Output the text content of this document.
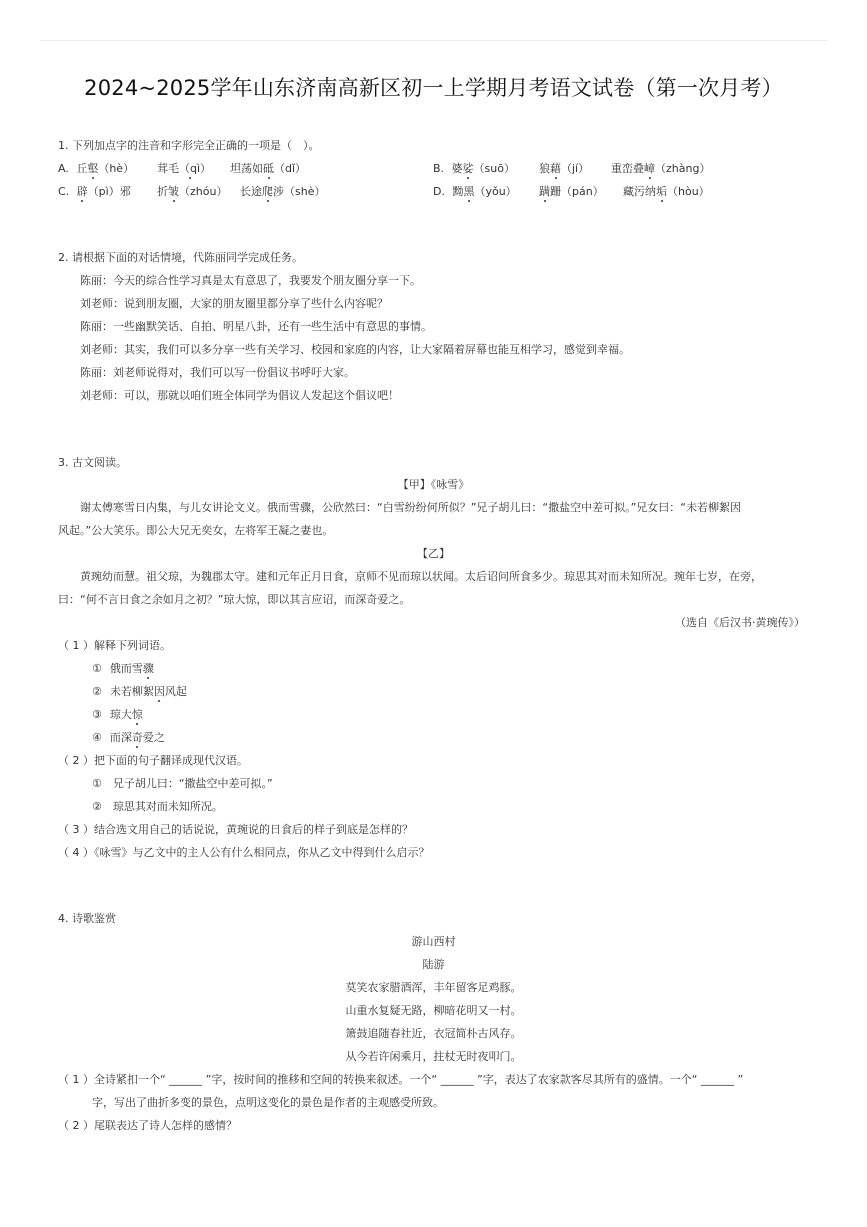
2024~2025学年山东济南高新区初一上学期月考语文试卷（第一次月考）
1. 下列加点字的注音和字形完全正确的一项是（　）。
A. 丘壑（hè） 茸毛（qì） 坦荡如砥（dǐ）	B. 婆娑（suō） 狼藉（jí） 重峦叠嶂（zhàng）
C. 辟（pì）邪 折皱（zhóu） 长途爬涉（shè）	D. 黝黑（yǒu） 蹒跚（pán） 藏污纳垢（hòu）
2. 请根据下面的对话情境，代陈丽同学完成任务。
陈丽：今天的综合性学习真是太有意思了，我要发个朋友圈分享一下。
刘老师：说到朋友圈，大家的朋友圈里都分享了些什么内容呢？
陈丽：一些幽默笑话、自拍、明星八卦，还有一些生活中有意思的事情。
刘老师：其实，我们可以多分享一些有关学习、校园和家庭的内容，让大家隔着屏幕也能互相学习，感觉到幸福。
陈丽：刘老师说得对，我们可以写一份倡议书呼吁大家。
刘老师：可以，那就以咱们班全体同学为倡议人发起这个倡议吧！
3. 古文阅读。
【甲】《咏雪》
谢太傅寒雪日内集，与儿女讲论文义。俄而雪骤，公欣然曰：“白雪纷纷何所似？”兄子胡儿曰：“撒盐空中差可拟。”兄女曰：“未若柳絮因
风起。”公大笑乐。即公大兄无奕女，左将军王凝之妻也。
【乙】
黄琬幼而慧。祖父琼，为魏郡太守。建和元年正月日食，京师不见而琼以状闻。太后诏问所食多少。琼思其对而未知所况。琬年七岁，在旁，
曰：“何不言日食之余如月之初？”琼大惊，即以其言应诏，而深奇爱之。
（选自《后汉书·黄琬传》）
（ 1 ）解释下列词语。
① 俄而雪骤
② 未若柳絮因风起
③ 琼大惊
④ 而深奇爱之
（ 2 ）把下面的句子翻译成现代汉语。
①　兄子胡儿曰：“撒盐空中差可拟。”
②　琼思其对而未知所况。
（ 3 ）结合选文用自己的话说说，黄琬说的日食后的样子到底是怎样的？
（ 4 ）《咏雪》与乙文中的主人公有什么相同点，你从乙文中得到什么启示？
4. 诗歌鉴赏
游山西村
陆游
莫笑农家腊酒浑，丰年留客足鸡豚。
山重水复疑无路，柳暗花明又一村。
箫鼓追随春社近，衣冠简朴古风存。
从今若许闲乘月，拄杖无时夜叩门。
（ 1 ）全诗紧扣一个“ ______ ”字，按时间的推移和空间的转换来叙述。一个“ ______ ”字，表达了农家款客尽其所有的盛情。一个“ ______ ”
字，写出了曲折多变的景色，点明这变化的景色是作者的主观感受所致。
（ 2 ）尾联表达了诗人怎样的感情？
